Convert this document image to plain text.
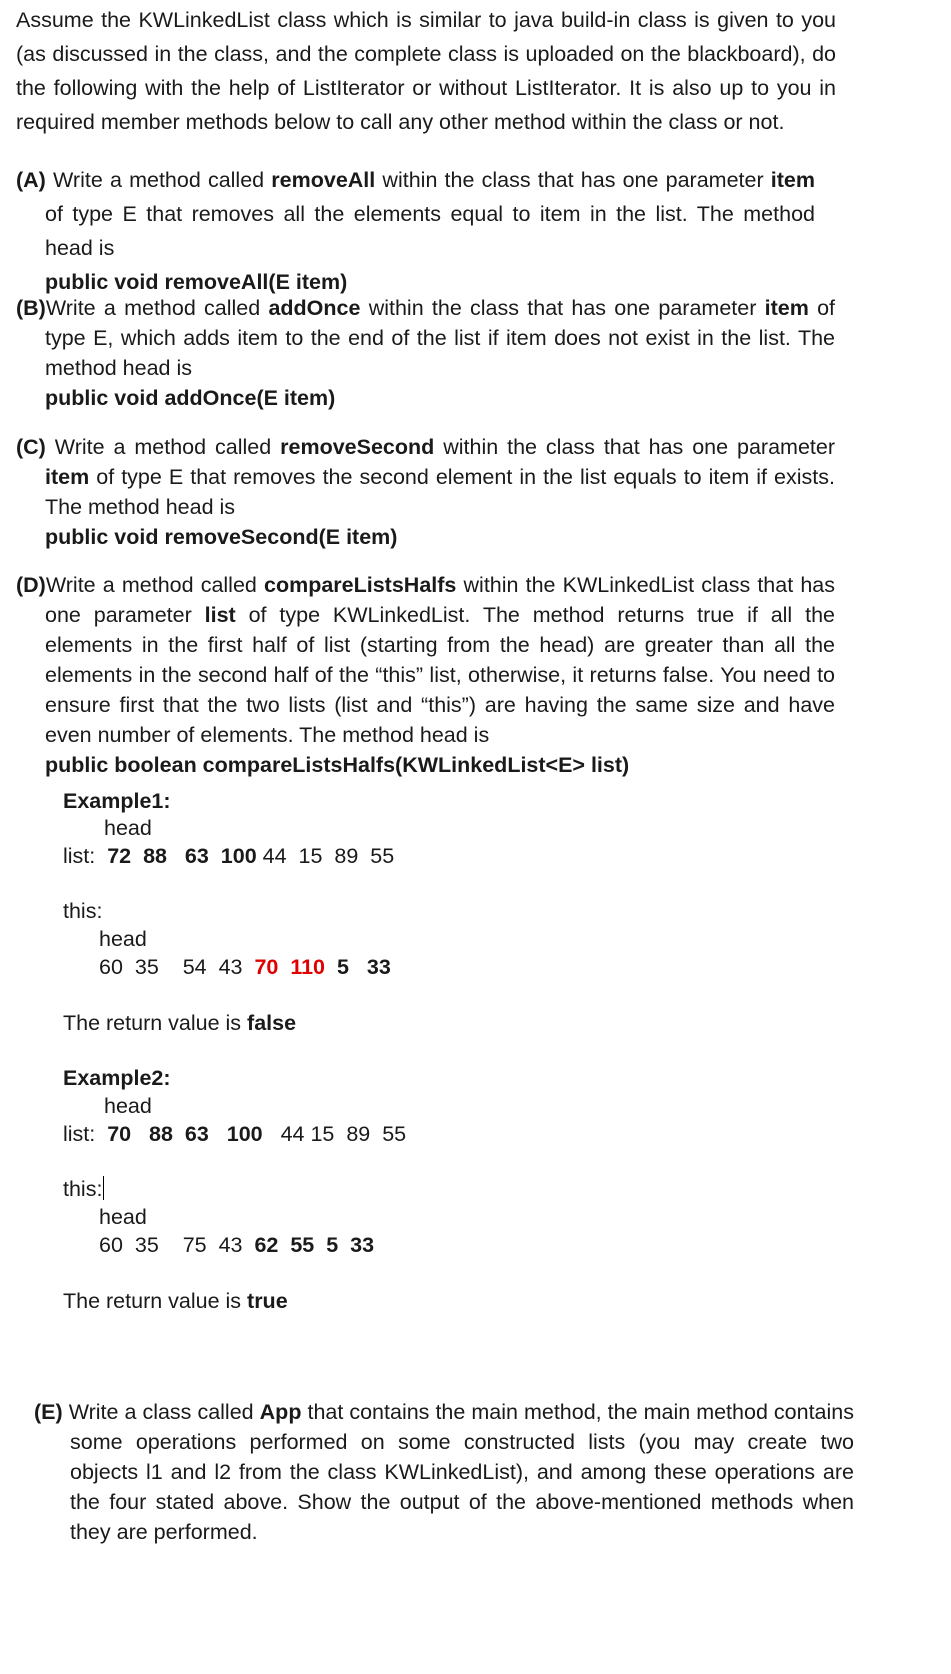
Assume the KWLinkedList class which is similar to java build-in class is given to you (as discussed in the class, and the complete class is uploaded on the blackboard), do the following with the help of ListIterator or without ListIterator. It is also up to you in required member methods below to call any other method within the class or not.

(A) Write a method called removeAll within the class that has one parameter item of type E that removes all the elements equal to item in the list. The method head is
public void removeAll(E item)

(B)Write a method called addOnce within the class that has one parameter item of type E, which adds item to the end of the list if item does not exist in the list. The method head is
public void addOnce(E item)

(C) Write a method called removeSecond within the class that has one parameter item of type E that removes the second element in the list equals to item if exists. The method head is
public void removeSecond(E item)

(D)Write a method called compareListsHalfs within the KWLinkedList class that has one parameter list of type KWLinkedList. The method returns true if all the elements in the first half of list (starting from the head) are greater than all the elements in the second half of the “this” list, otherwise, it returns false. You need to ensure first that the two lists (list and “this”) are having the same size and have even number of elements. The method head is
public boolean compareListsHalfs(KWLinkedList<E> list)

Example1:
head
list: 72 88 63 100 44 15 89 55
this:
head
60 35 54 43 70 110 5 33
The return value is false
Example2:
head
list: 70 88 63 100 44 15 89 55
this:
head
60 35 75 43 62 55 5 33
The return value is true

(E) Write a class called App that contains the main method, the main method contains some operations performed on some constructed lists (you may create two objects l1 and l2 from the class KWLinkedList), and among these operations are the four stated above. Show the output of the above-mentioned methods when they are performed.
